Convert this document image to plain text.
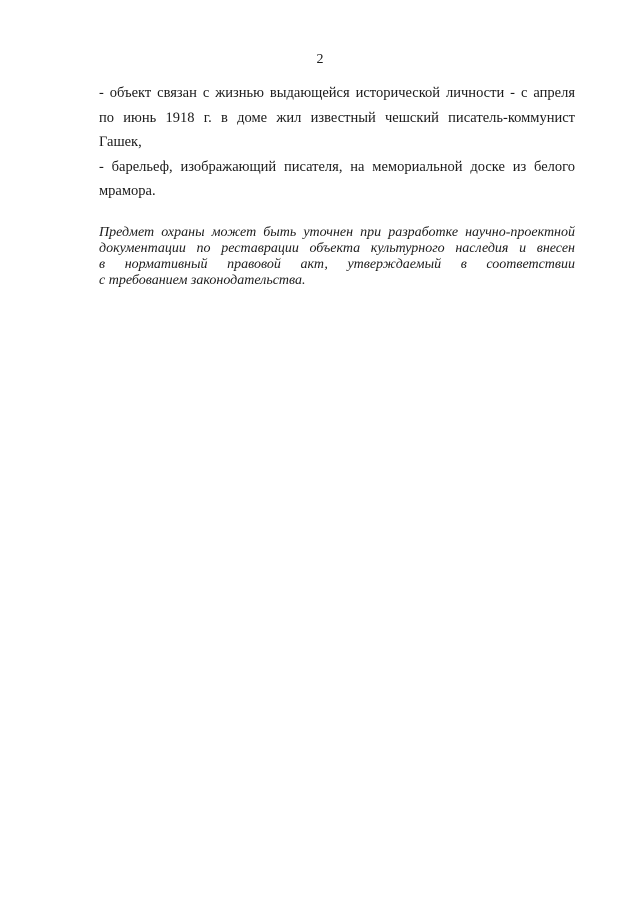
2
- объект связан с жизнью выдающейся исторической личности - с апреля
по июнь 1918 г. в доме жил известный чешский писатель-коммунист
Гашек,
- барельеф, изображающий писателя, на мемориальной доске из белого
мрамора.
Предмет охраны может быть уточнен при разработке научно-проектной
документации по реставрации объекта культурного наследия и внесен
в нормативный правовой акт, утверждаемый в соответствии
с требованием законодательства.
